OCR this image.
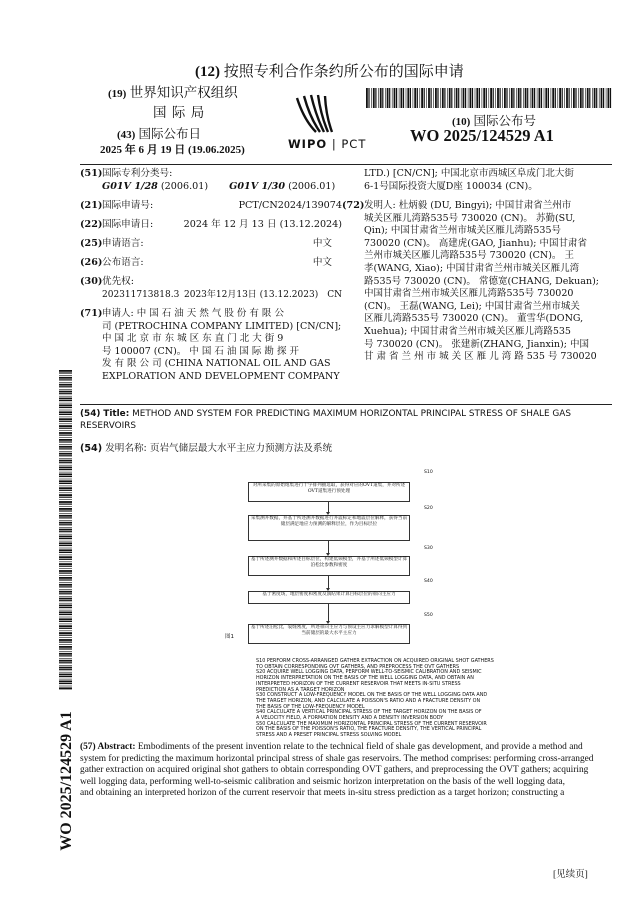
(12) 按照专利合作条约所公布的国际申请
(19) 世界知识产权组织
国 际 局
(43) 国际公布日
2025 年 6 月 19 日 (19.06.2025)	WIPO | PCT
(10) 国际公布号
WO 2025/124529 A1
(51)国际专利分类号:
G01V 1/28 (2006.01) G01V 1/30 (2006.01)
(21)国际申请号:	PCT/CN2024/139074
(22)国际申请日:	2024 年 12 月 13 日 (13.12.2024)
(25)申请语言:	中文
(26)公布语言:	中文
(30)优先权:
202311713818.3 2023年12月13日 (13.12.2023) CN
(71) 申请人: 中 国 石 油 天 然 气 股 份 有 限 公
司 (PETROCHINA COMPANY LIMITED) [CN/CN];
中 国 北 京 市 东 城 区 东 直 门 北 大 街 9
号 100007 (CN)。 中 国 石 油 国 际 勘 探 开
发 有 限 公 司 (CHINA NATIONAL OIL AND GAS
EXPLORATION AND DEVELOPMENT COMPANY
LTD.) [CN/CN]; 中国北京市西城区阜成门北大街
6-1号国际投资大厦D座 100034 (CN)。
(72) 发明人: 杜炳毅 (DU, Bingyi); 中国甘肃省兰州市
城关区雁儿湾路535号 730020 (CN)。 苏勤(SU,
Qin); 中国甘肃省兰州市城关区雁儿湾路535号
730020 (CN)。 高建虎(GAO, Jianhu); 中国甘肃省
兰州市城关区雁儿湾路535号 730020 (CN)。 王
孝(WANG, Xiao); 中国甘肃省兰州市城关区雁儿湾
路535号 730020 (CN)。 常德宽(CHANG, Dekuan);
中国甘肃省兰州市城关区雁儿湾路535号 730020
(CN)。 王磊(WANG, Lei); 中国甘肃省兰州市城关
区雁儿湾路535号 730020 (CN)。 董雪华(DONG,
Xuehua); 中国甘肃省兰州市城关区雁儿湾路535
号 730020 (CN)。 张建新(ZHANG, Jianxin); 中国
甘 肃 省 兰 州 市 城 关 区 雁 儿 湾 路 535 号 730020
(54) Title: METHOD AND SYSTEM FOR PREDICTING MAXIMUM HORIZONTAL PRINCIPAL STRESS OF SHALE GAS RESERVOIRS
(54) 发明名称: 页岩气储层最大水平主应力预测方法及系统
对所采集的原始炮集进行十字排列抽选取，获得对应的OVT道集，并对所述OVT道集进行预处理
S10
采集测井数据，并基于所述测井数据进行井震标定和地震层位解释，获得当前储层满足地应力预测的解释层位，作为目标层位
S20
基于所述测井数据和所述目标层位，构建低频模型，并基于所述低频模型计算泊松比参数和密度
S30
基于密度场，地层密度和密度反演结果计算目标层位的垂向主应力
S40
基于所述泊松比，裂缝密度，所述垂向主应力与预设主应力求解模型计算得到当前储层的最大水平主应力
S50
图1
S10 PERFORM CROSS-ARRANGED GATHER EXTRACTION ON ACQUIRED ORIGINAL SHOT GATHERS
TO OBTAIN CORRESPONDING OVT GATHERS, AND PREPROCESS THE OVT GATHERS
S20 ACQUIRE WELL LOGGING DATA, PERFORM WELL-TO-SEISMIC CALIBRATION AND SEISMIC
HORIZON INTERPRETATION ON THE BASIS OF THE WELL LOGGING DATA, AND OBTAIN AN
INTERPRETED HORIZON OF THE CURRENT RESERVOIR THAT MEETS IN-SITU STRESS
PREDICTION AS A TARGET HORIZON
S30 CONSTRUCT A LOW-FREQUENCY MODEL ON THE BASIS OF THE WELL LOGGING DATA AND
THE TARGET HORIZON, AND CALCULATE A POISSON'S RATIO AND A FRACTURE DENSITY ON
THE BASIS OF THE LOW-FREQUENCY MODEL
S40 CALCULATE A VERTICAL PRINCIPAL STRESS OF THE TARGET HORIZON ON THE BASIS OF
A VELOCITY FIELD, A FORMATION DENSITY AND A DENSITY INVERSION BODY
S50 CALCULATE THE MAXIMUM HORIZONTAL PRINCIPAL STRESS OF THE CURRENT RESERVOIR
ON THE BASIS OF THE POISSON'S RATIO, THE FRACTURE DENSITY, THE VERTICAL PRINCIPAL
STRESS AND A PRESET PRINCIPAL STRESS SOLVING MODEL
(57) Abstract: Embodiments of the present invention relate to the technical field of shale gas development, and provide a method and
system for predicting the maximum horizontal principal stress of shale gas reservoirs. The method comprises: performing cross-arranged
gather extraction on acquired original shot gathers to obtain corresponding OVT gathers, and preprocessing the OVT gathers; acquiring
well logging data, performing well-to-seismic calibration and seismic horizon interpretation on the basis of the well logging data,
and obtaining an interpreted horizon of the current reservoir that meets in-situ stress prediction as a target horizon; constructing a
WO 2025/124529 A1
[见续页]
